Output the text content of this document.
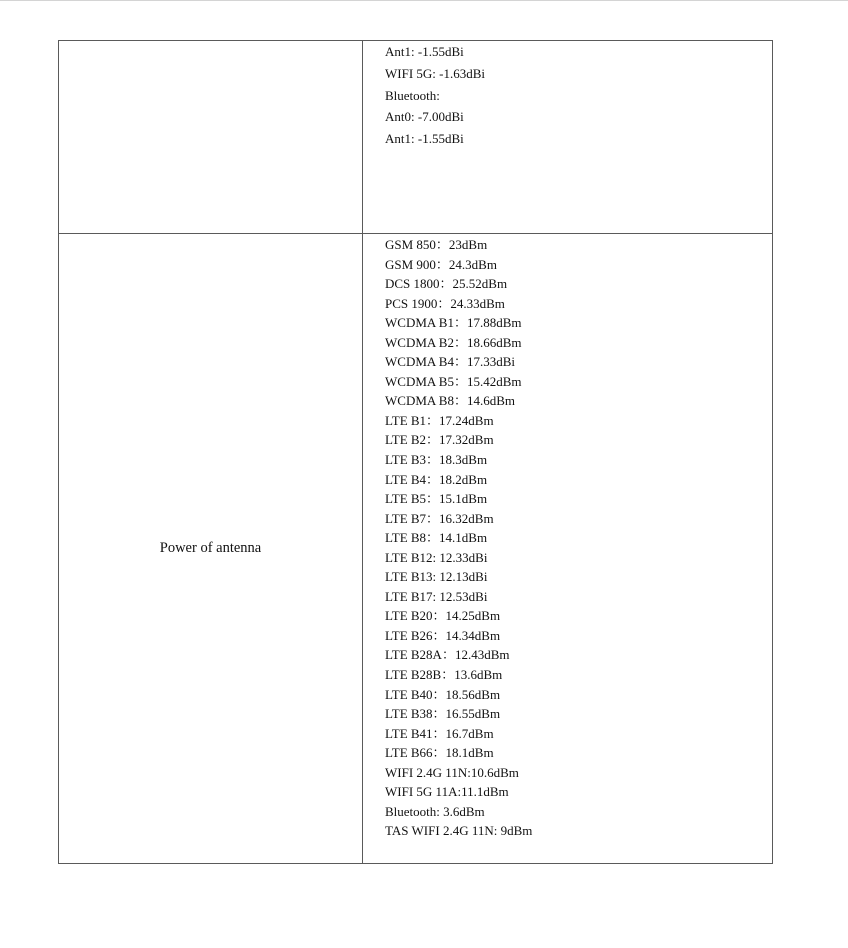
Ant1: -1.55dBi
WIFI 5G: -1.63dBi
Bluetooth:
Ant0: -7.00dBi
Ant1: -1.55dBi
Power of antenna
GSM 850：23dBm
GSM 900：24.3dBm
DCS 1800：25.52dBm
PCS 1900：24.33dBm
WCDMA B1：17.88dBm
WCDMA B2：18.66dBm
WCDMA B4：17.33dBi
WCDMA B5：15.42dBm
WCDMA B8：14.6dBm
LTE B1：17.24dBm
LTE B2：17.32dBm
LTE B3：18.3dBm
LTE B4：18.2dBm
LTE B5：15.1dBm
LTE B7：16.32dBm
LTE B8：14.1dBm
LTE B12: 12.33dBi
LTE B13: 12.13dBi
LTE B17: 12.53dBi
LTE B20：14.25dBm
LTE B26：14.34dBm
LTE B28A：12.43dBm
LTE B28B：13.6dBm
LTE B40：18.56dBm
LTE B38：16.55dBm
LTE B41：16.7dBm
LTE B66：18.1dBm
WIFI 2.4G 11N:10.6dBm
WIFI 5G 11A:11.1dBm
Bluetooth: 3.6dBm
TAS WIFI 2.4G 11N: 9dBm
